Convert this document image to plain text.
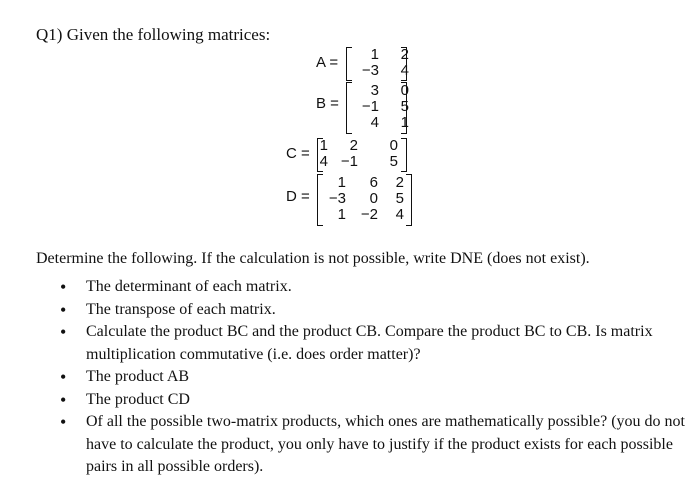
Q1) Given the following matrices:
A =	1	2
−3	4
B =
3	0
−1	5
4	1
C = 1	2	0
4 −1	5
D =
1	6	2
−3	0	5
1 −2	4
Determine the following. If the calculation is not possible, write DNE (does not exist).
• The determinant of each matrix.
• The transpose of each matrix.
• Calculate the product BC and the product CB. Compare the product BC to CB. Is matrix multiplication commutative (i.e. does order matter)?
• The product AB
• The product CD
• Of all the possible two-matrix products, which ones are mathematically possible? (you do not have to calculate the product, you only have to justify if the product exists for each possible pairs in all possible orders).
